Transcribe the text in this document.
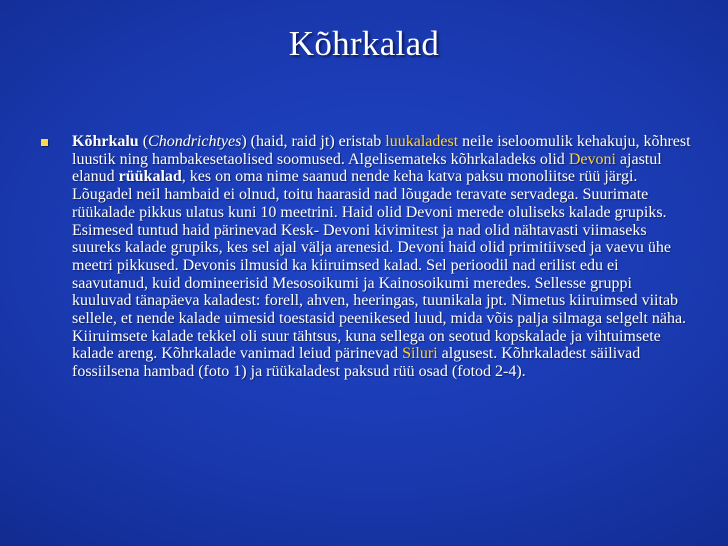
Kõhrkalad
Kõhrkalu (Chondrichtyes) (haid, raid jt) eristab luukaladest neile iseloomulik kehakuju, kõhrest luustik ning hambakesetaolised soomused. Algelisemateks kõhrkaladeks olid Devoni ajastul elanud rüükalad, kes on oma nime saanud nende keha katva paksu monoliitse rüü järgi. Lõugadel neil hambaid ei olnud, toitu haarasid nad lõugade teravate servadega. Suurimate rüükalade pikkus ulatus kuni 10 meetrini. Haid olid Devoni merede oluliseks kalade grupiks. Esimesed tuntud haid pärinevad Kesk- Devoni kivimitest ja nad olid nähtavasti viimaseks suureks kalade grupiks, kes sel ajal välja arenesid. Devoni haid olid primitiivsed ja vaevu ühe meetri pikkused. Devonis ilmusid ka kiiruimsed kalad. Sel perioodil nad erilist edu ei saavutanud, kuid domineerisid Mesosoikumi ja Kainosoikumi meredes. Sellesse gruppi kuuluvad tänapäeva kaladest: forell, ahven, heeringas, tuunikala jpt. Nimetus kiiruimsed viitab sellele, et nende kalade uimesid toestasid peenikesed luud, mida võis palja silmaga selgelt näha. Kiiruimsete kalade tekkel oli suur tähtsus, kuna sellega on seotud kopskalade ja vihtuimsete kalade areng. Kõhrkalade vanimad leiud pärinevad Siluri algusest. Kõhrkaladest säilivad fossiilsena hambad (foto 1) ja rüükaladest paksud rüü osad (fotod 2-4).
